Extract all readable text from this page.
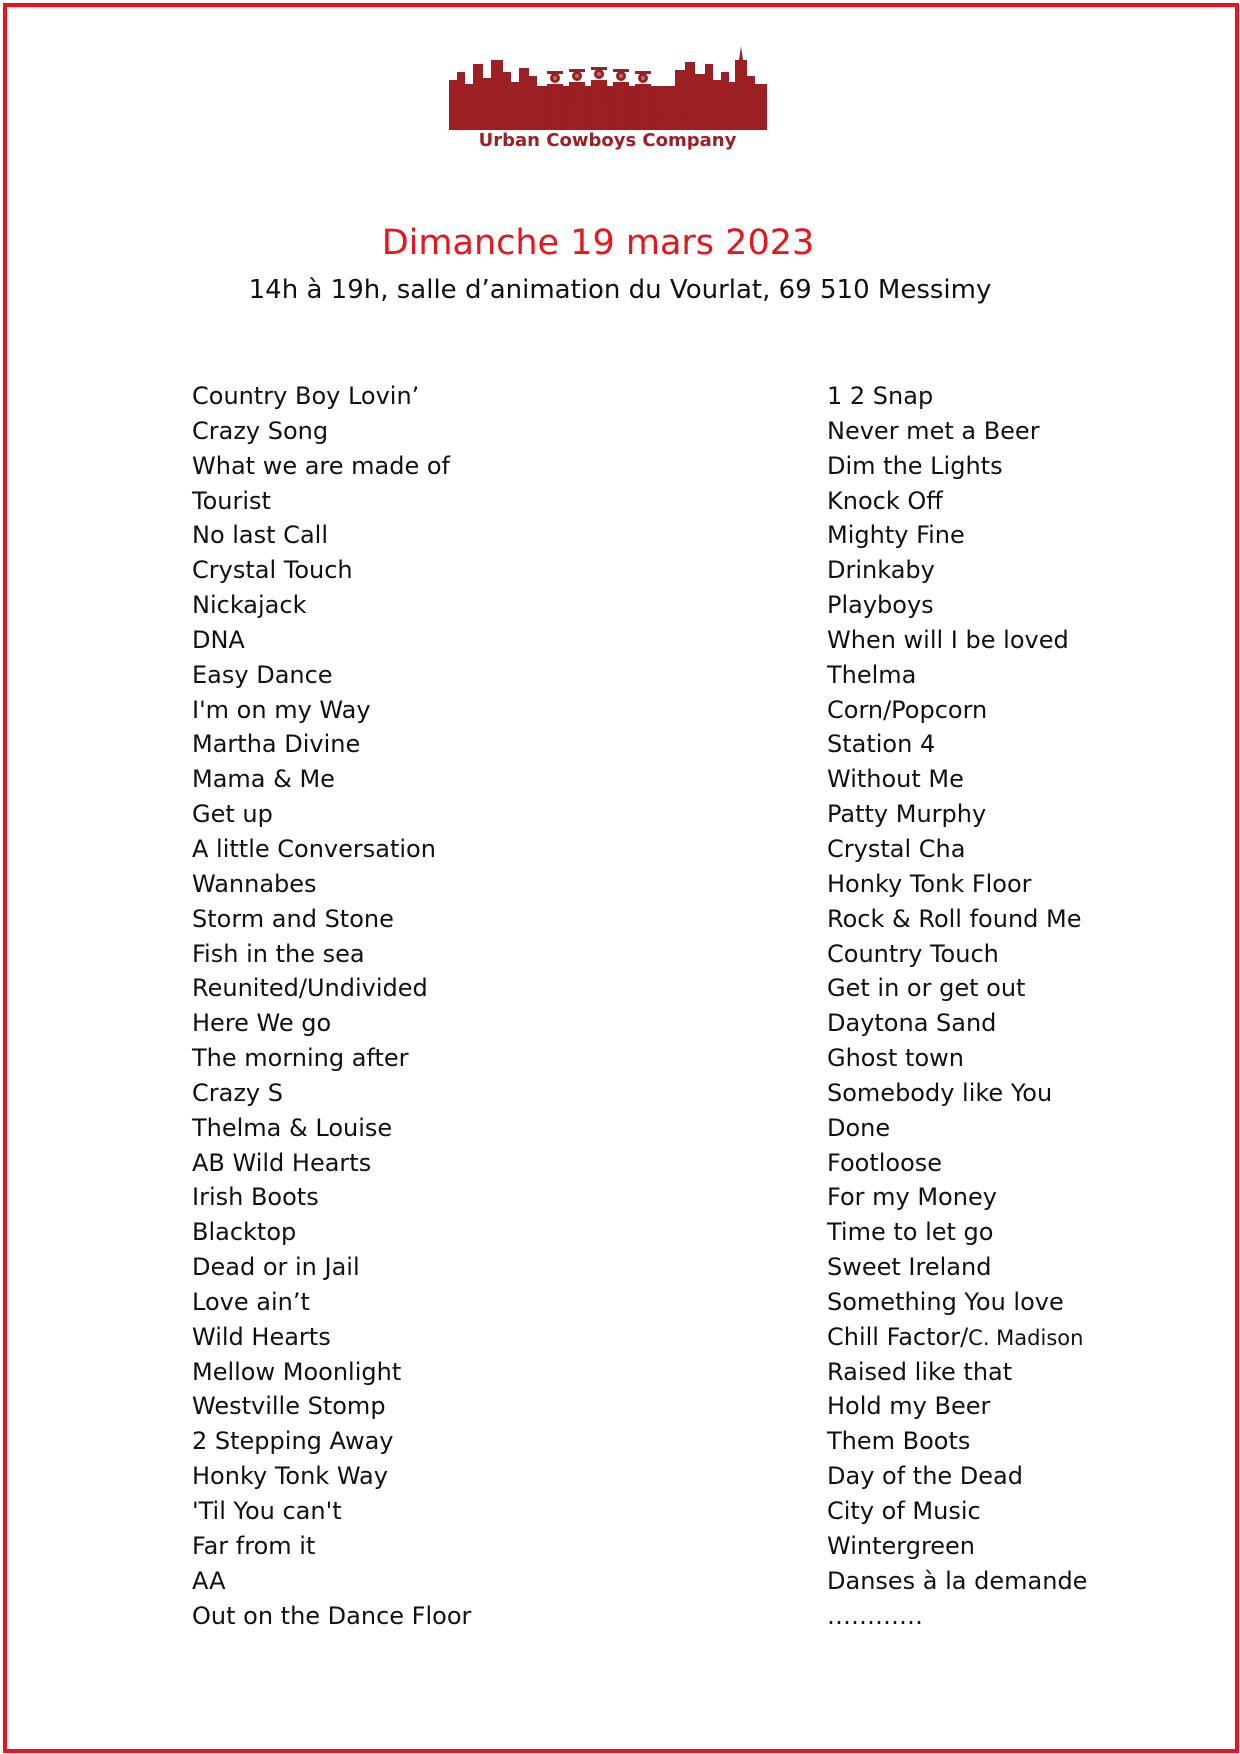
Urban Cowboys Company
Dimanche 19 mars 2023
14h à 19h, salle d’animation du Vourlat, 69 510 Messimy
Country Boy Lovin’
Crazy Song
What we are made of
Tourist
No last Call
Crystal Touch
Nickajack
DNA
Easy Dance
I'm on my Way
Martha Divine
Mama & Me
Get up
A little Conversation
Wannabes
Storm and Stone
Fish in the sea
Reunited/Undivided
Here We go
The morning after
Crazy S
Thelma & Louise
AB Wild Hearts
Irish Boots
Blacktop
Dead or in Jail
Love ain’t
Wild Hearts
Mellow Moonlight
Westville Stomp
2 Stepping Away
Honky Tonk Way
'Til You can't
Far from it
AA
Out on the Dance Floor
1 2 Snap
Never met a Beer
Dim the Lights
Knock Off
Mighty Fine
Drinkaby
Playboys
When will I be loved
Thelma
Corn/Popcorn
Station 4
Without Me
Patty Murphy
Crystal Cha
Honky Tonk Floor
Rock & Roll found Me
Country Touch
Get in or get out
Daytona Sand
Ghost town
Somebody like You
Done
Footloose
For my Money
Time to let go
Sweet Ireland
Something You love
Chill Factor/C. Madison
Raised like that
Hold my Beer
Them Boots
Day of the Dead
City of Music
Wintergreen
Danses à la demande
…………
